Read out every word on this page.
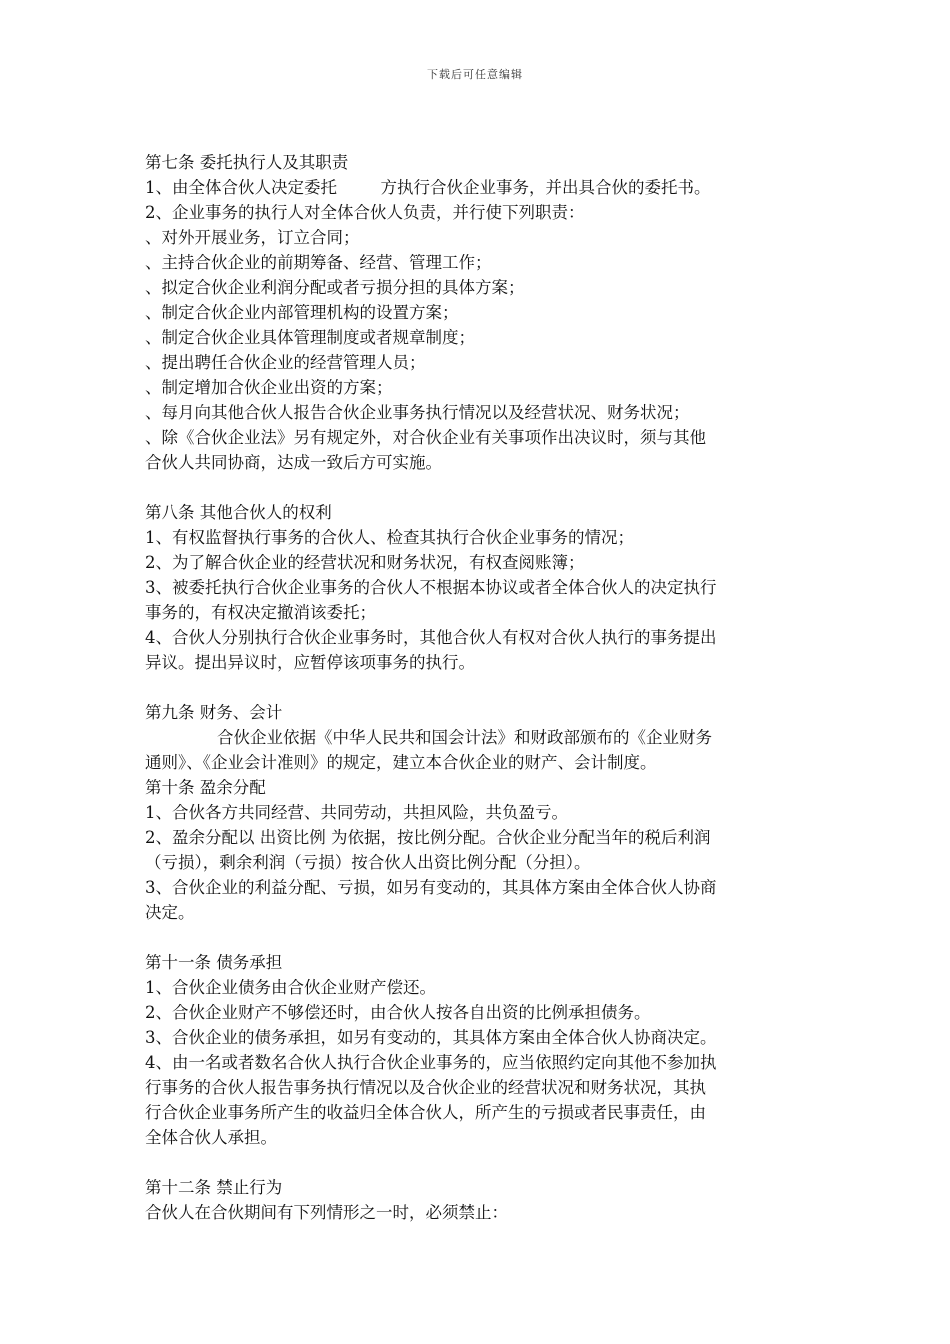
下载后可任意编辑
第七条 委托执行人及其职责
1、由全体合伙人决定委托 　　 方执行合伙企业事务，并出具合伙的委托书。
2、企业事务的执行人对全体合伙人负责，并行使下列职责：
、对外开展业务，订立合同；
、主持合伙企业的前期筹备、经营、管理工作；
、拟定合伙企业利润分配或者亏损分担的具体方案；
、制定合伙企业内部管理机构的设置方案；
、制定合伙企业具体管理制度或者规章制度；
、提出聘任合伙企业的经营管理人员；
、制定增加合伙企业出资的方案；
、每月向其他合伙人报告合伙企业事务执行情况以及经营状况、财务状况；
、除《合伙企业法》另有规定外，对合伙企业有关事项作出决议时，须与其他
合伙人共同协商，达成一致后方可实施。
第八条 其他合伙人的权利
1、有权监督执行事务的合伙人、检查其执行合伙企业事务的情况；
2、为了解合伙企业的经营状况和财务状况，有权查阅账簿；
3、被委托执行合伙企业事务的合伙人不根据本协议或者全体合伙人的决定执行
事务的，有权决定撤消该委托；
4、合伙人分别执行合伙企业事务时，其他合伙人有权对合伙人执行的事务提出
异议。提出异议时，应暂停该项事务的执行。
第九条 财务、会计
合伙企业依据《中华人民共和国会计法》和财政部颁布的《企业财务
通则》、《企业会计准则》的规定，建立本合伙企业的财产、会计制度。
第十条 盈余分配
1、合伙各方共同经营、共同劳动，共担风险，共负盈亏。
2、盈余分配以 出资比例 为依据，按比例分配。合伙企业分配当年的税后利润
（亏损），剩余利润（亏损）按合伙人出资比例分配（分担）。
3、合伙企业的利益分配、亏损，如另有变动的，其具体方案由全体合伙人协商
决定。
第十一条 债务承担
1、合伙企业债务由合伙企业财产偿还。
2、合伙企业财产不够偿还时，由合伙人按各自出资的比例承担债务。
3、合伙企业的债务承担，如另有变动的，其具体方案由全体合伙人协商决定。
4、由一名或者数名合伙人执行合伙企业事务的，应当依照约定向其他不参加执
行事务的合伙人报告事务执行情况以及合伙企业的经营状况和财务状况，其执
行合伙企业事务所产生的收益归全体合伙人，所产生的亏损或者民事责任，由
全体合伙人承担。
第十二条 禁止行为
合伙人在合伙期间有下列情形之一时，必须禁止：
